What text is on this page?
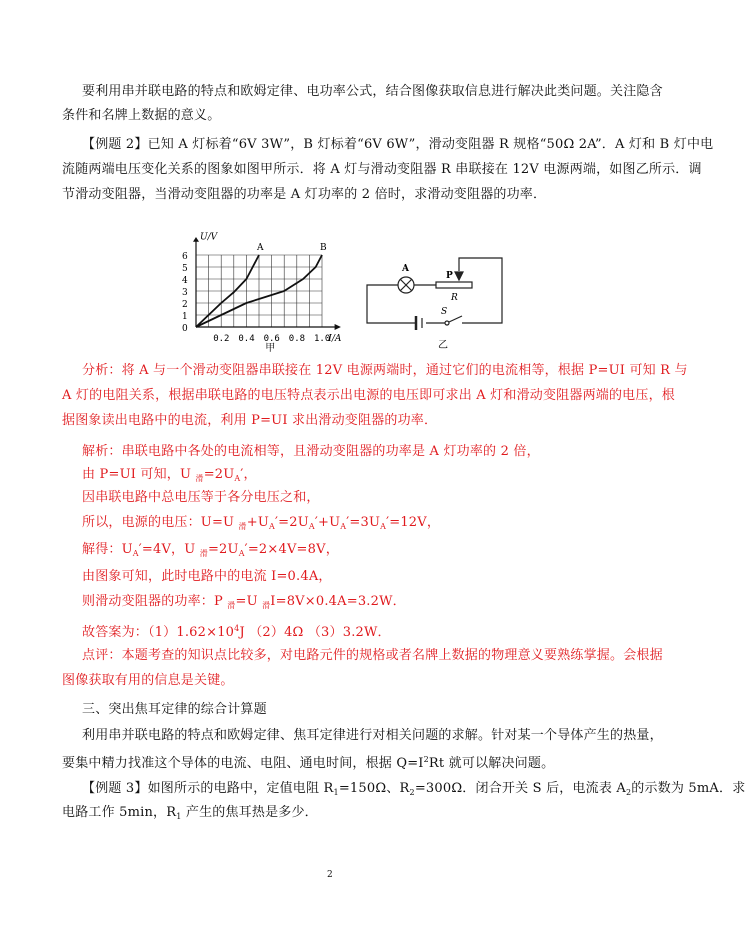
要利用串并联电路的特点和欧姆定律、电功率公式，结合图像获取信息进行解决此类问题。关注隐含
条件和名牌上数据的意义。
【例题 2】已知 A 灯标着“6V 3W”，B 灯标着“6V 6W”，滑动变阻器 R 规格“50Ω 2A”．A 灯和 B 灯中电
流随两端电压变化关系的图象如图甲所示．将 A 灯与滑动变阻器 R 串联接在 12V 电源两端，如图乙所示．调
节滑动变阻器，当滑动变阻器的功率是 A 灯功率的 2 倍时，求滑动变阻器的功率．
分析：将 A 与一个滑动变阻器串联接在 12V 电源两端时，通过它们的电流相等，根据 P=UI 可知 R 与
A 灯的电阻关系，根据串联电路的电压特点表示出电源的电压即可求出 A 灯和滑动变阻器两端的电压，根
据图象读出电路中的电流，利用 P=UI 求出滑动变阻器的功率．
解析：串联电路中各处的电流相等，且滑动变阻器的功率是 A 灯功率的 2 倍，
由 P=UI 可知，U $_滑=2U_A'$，
因串联电路中总电压等于各分电压之和，
所以，电源的电压：U=U $_滑+U_A'=2U_A'+U_A'=3U_A'=12V$，
解得：$U_A'=4V$，U $_滑=2U_A'=2\times 4V=8V$，
由图象可知，此时电路中的电流 I=0.4A，
则滑动变阻器的功率：P $_滑$=U $_滑$I=8V×0.4A=3.2W．
故答案为：$(1)1.62\times 10^4J$ （2）4Ω （3）3.2W．
点评：本题考查的知识点比较多，对电路元件的规格或者名牌上数据的物理意义要熟练掌握。会根据
图像获取有用的信息是关键。
三、突出焦耳定律的综合计算题
利用串并联电路的特点和欧姆定律、焦耳定律进行对相关问题的求解。针对某一个导体产生的热量，
要集中精力找准这个导体的电流、电阻、通电时间，根据 $Q=I^2Rt$ 就可以解决问题。
【例题 3】如图所示的电路中，定值电阻 $R_1=150\Omega$、$R_2=300\Omega$．闭合开关 S 后，电流表 $A_2$的示数为 5mA．求
电路工作 5min，$R_1$ 产生的焦耳热是多少．
0
1
2
3
4
5
6
0.2 0.4 0.6 0.8 1.0
U/V
I/A
甲
A	B
A
P
R
S
乙
2
